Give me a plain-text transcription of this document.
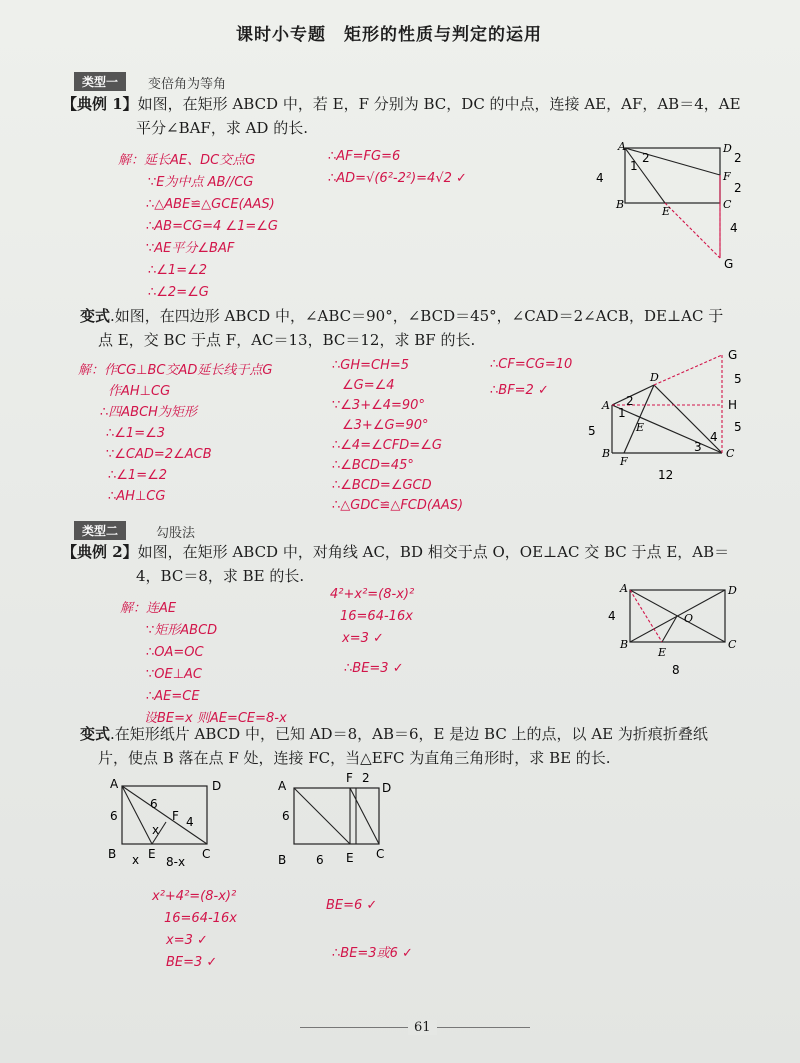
课时小专题　矩形的性质与判定的运用
类型一	变倍角为等角
【典例 1】如图，在矩形 ABCD 中，若 E，F 分别为 BC，DC 的中点，连接 AE，AF，AB＝4，AE
平分∠BAF，求 AD 的长.
解：延长AE、DC交点G
∵E为中点 AB//CG
∴△ABE≌△GCE(AAS)
∴AB=CG=4 ∠1=∠G
∵AE平分∠BAF
∴∠1=∠2
∴∠2=∠G
∴AF=FG=6
∴AD=√(6²-2²)=4√2 ✓
A
B	C
D
E
F
G
1
2
4
2
2
4
变式.如图，在四边形 ABCD 中，∠ABC＝90°，∠BCD＝45°，∠CAD＝2∠ACB，DE⊥AC 于
点 E，交 BC 于点 F，AC＝13，BC＝12，求 BF 的长.
解：作CG⊥BC交AD延长线于点G
作AH⊥CG
∴四ABCH为矩形
∴∠1=∠3
∵∠CAD=2∠ACB
∴∠1=∠2
∴AH⊥CG
∴GH=CH=5
∠G=∠4
∵∠3+∠4=90°
∠3+∠G=90°
∴∠4=∠CFD=∠G
∴∠BCD=45°
∴∠BCD=∠GCD
∴△GDC≌△FCD(AAS)
∴CF=CG=10
∴BF=2 ✓
A
B	C
D
E
F
G
H
5
5
5
12
1
2
3
4
类型二	勾股法
【典例 2】如图，在矩形 ABCD 中，对角线 AC，BD 相交于点 O，OE⊥AC 交 BC 于点 E，AB＝
4，BC＝8，求 BE 的长.
解：连AE
∵矩形ABCD
∴OA=OC
∵OE⊥AC
∴AE=CE
设BE=x 则AE=CE=8-x
4²+x²=(8-x)²
16=64-16x
x=3 ✓
∴BE=3 ✓
A
B	C
D
E
O
4
8
变式.在矩形纸片 ABCD 中，已知 AD＝8，AB＝6，E 是边 BC 上的点，以 AE 为折痕折叠纸
片，使点 B 落在点 F 处，连接 FC，当△EFC 为直角三角形时，求 BE 的长.
A
B	C
D
E
F
6
6
4
x
x
8-x
A
B	C
D
E
F
6
6
2
x²+4²=(8-x)²
16=64-16x
x=3 ✓
BE=3 ✓
BE=6 ✓
∴BE=3或6 ✓
61
